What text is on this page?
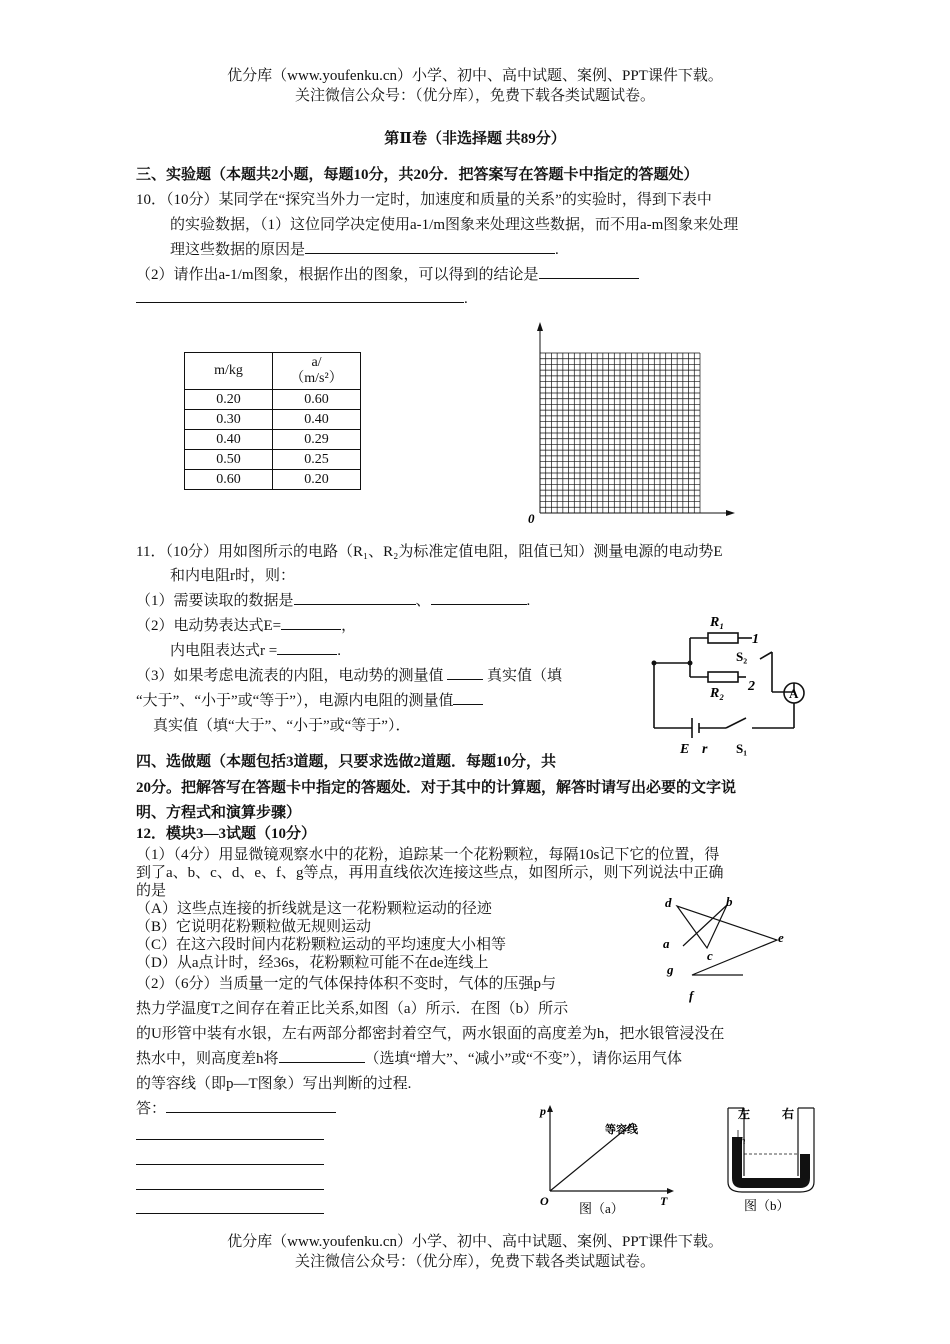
优分库（www.youfenku.cn）小学、初中、高中试题、案例、PPT课件下载。
关注微信公众号：（优分库），免费下载各类试题试卷。
第Ⅱ卷（非选择题 共89分）
三、实验题（本题共2小题，每题10分，共20分．把答案写在答题卡中指定的答题处）
10．（10分）某同学在“探究当外力一定时，加速度和质量的关系”的实验时，得到下表中
的实验数据，（1）这位同学决定使用a-1/m图象来处理这些数据，而不用a-m图象来处理
理这些数据的原因是	.
（2）请作出a-1/m图象，根据作出的图象，可以得到的结论是
.
m/kg	a/
（m/s²）
0.20	0.60
0.30	0.40
0.40	0.29
0.50	0.25
0.60	0.20
0
11．（10分）用如图所示的电路（R₁、R₂为标准定值电阻，阻值已知）测量电源的电动势E
和内电阻r时，则：
（1）需要读取的数据是	、	.
（2）电动势表达式E=	，
内电阻表达式r =	.
（3）如果考虑电流表的内阻，电动势的测量值	真实值（填
“大于”、“小于”或“等于”），电源内电阻的测量值
真实值（填“大于”、“小于”或“等于”）．
R₁
1
S₂
R₂ 2	A
E r S₁
四、选做题（本题包括3道题，只要求选做2道题．每题10分，共
20分。把解答写在答题卡中指定的答题处．对于其中的计算题，解答时请写出必要的文字说
明、方程式和演算步骤）
12．模块3—3试题（10分）
（1）（4分）用显微镜观察水中的花粉，追踪某一个花粉颗粒，每隔10s记下它的位置，得
到了a、b、c、d、e、f、g等点，再用直线依次连接这些点，如图所示，则下列说法中正确
的是
（A）这些点连接的折线就是这一花粉颗粒运动的径迹
（B）它说明花粉颗粒做无规则运动
（C）在这六段时间内花粉颗粒运动的平均速度大小相等
（D）从a点计时，经36s，花粉颗粒可能不在de连线上
（2）（6分）当质量一定的气体保持体积不变时，气体的压强p与
热力学温度T之间存在着正比关系,如图（a）所示．在图（b）所示
的U形管中装有水银，左右两部分都密封着空气，两水银面的高度差为h，把水银管浸没在
热水中，则高度差h将	（选填“增大”、“减小”或“不变”），请你运用气体
的等容线（即p—T图象）写出判断的过程.
答：
a
b
c
d
e
f
g
p
T
O
等容线
图（a）
左	右
h
图（b）
优分库（www.youfenku.cn）小学、初中、高中试题、案例、PPT课件下载。
关注微信公众号：（优分库），免费下载各类试题试卷。
